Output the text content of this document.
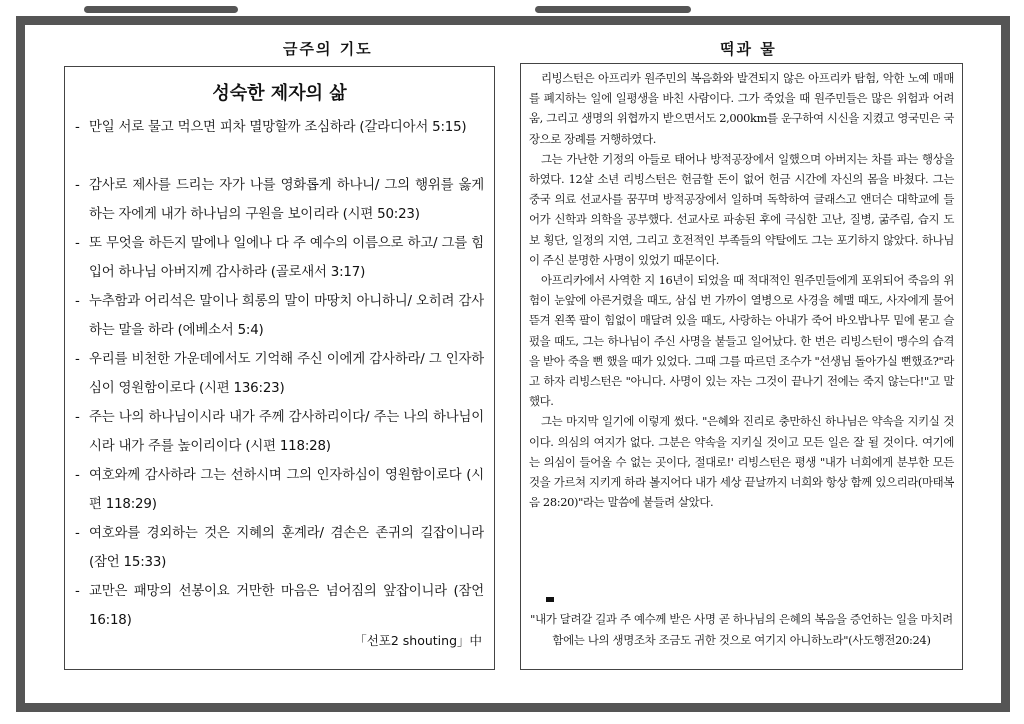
금주의 기도	떡과 물
성숙한 제자의 삶
- 만일 서로 물고 먹으면 피차 멸망할까 조심하라 (갈라디아서 5:15)
- 감사로 제사를 드리는 자가 나를 영화롭게 하나니/ 그의 행위를 옳게 하는 자에게 내가 하나님의 구원을 보이리라 (시편 50:23)
- 또 무엇을 하든지 말에나 일에나 다 주 예수의 이름으로 하고/ 그를 힘입어 하나님 아버지께 감사하라 (골로새서 3:17)
- 누추함과 어리석은 말이나 희롱의 말이 마땅치 아니하니/ 오히려 감사하는 말을 하라 (에베소서 5:4)
- 우리를 비천한 가운데에서도 기억해 주신 이에게 감사하라/ 그 인자하심이 영원함이로다 (시편 136:23)
- 주는 나의 하나님이시라 내가 주께 감사하리이다/ 주는 나의 하나님이시라 내가 주를 높이리이다 (시편 118:28)
- 여호와께 감사하라 그는 선하시며 그의 인자하심이 영원함이로다 (시편 118:29)
- 여호와를 경외하는 것은 지혜의 훈계라/ 겸손은 존귀의 길잡이니라 (잠언 15:33)
- 교만은 패망의 선봉이요 거만한 마음은 넘어짐의 앞잡이니라 (잠언 16:18)
「선포2 shouting」中

리빙스턴은 아프리카 원주민의 복음화와 발견되지 않은 아프리카 탐험, 악한 노예 매매를 폐지하는 일에 일평생을 바친 사람이다. 그가 죽었을 때 원주민들은 많은 위험과 어려움, 그리고 생명의 위협까지 받으면서도 2,000km를 운구하여 시신을 지켰고 영국민은 국장으로 장례를 거행하였다.

그는 가난한 기정의 아들로 태어나 방적공장에서 일했으며 아버지는 차를 파는 행상을 하였다. 12살 소년 리빙스턴은 헌금할 돈이 없어 헌금 시간에 자신의 몸을 바쳤다. 그는 중국 의료 선교사를 꿈꾸며 방적공장에서 일하며 독학하여 글래스고 앤더슨 대학교에 들어가 신학과 의학을 공부했다. 선교사로 파송된 후에 극심한 고난, 질병, 굶주림, 습지 도보 횡단, 일정의 지연, 그리고 호전적인 부족들의 약탈에도 그는 포기하지 않았다. 하나님이 주신 분명한 사명이 있었기 때문이다.

아프리카에서 사역한 지 16년이 되었을 때 적대적인 원주민들에게 포위되어 죽음의 위험이 눈앞에 아른거렸을 때도, 삼십 번 가까이 열병으로 사경을 헤맬 때도, 사자에게 물어 뜯겨 왼쪽 팔이 힘없이 매달려 있을 때도, 사랑하는 아내가 죽어 바오밥나무 밑에 묻고 슬펐을 때도, 그는 하나님이 주신 사명을 붙들고 일어났다. 한 번은 리빙스턴이 맹수의 습격을 받아 죽을 뻔 했을 때가 있었다. 그때 그를 따르던 조수가 "선생님 돌아가실 뻔했죠?"라고 하자 리빙스턴은 "아니다. 사명이 있는 자는 그것이 끝나기 전에는 죽지 않는다!"고 말했다.

그는 마지막 일기에 이렇게 썼다. "은혜와 진리로 충만하신 하나님은 약속을 지키실 것이다. 의심의 여지가 없다. 그분은 약속을 지키실 것이고 모든 일은 잘 될 것이다. 여기에는 의심이 들어올 수 없는 곳이다, 절대로!' 리빙스턴은 평생 "내가 너희에게 분부한 모든 것을 가르쳐 지키게 하라 볼지어다 내가 세상 끝날까지 너희와 항상 함께 있으리라(마태복음 28:20)"라는 말씀에 붙들려 살았다.

"내가 달려갈 길과 주 예수께 받은 사명 곧 하나님의 은혜의 복음을 증언하는 일을 마치려 함에는 나의 생명조차 조금도 귀한 것으로 여기지 아니하노라"(사도행전20:24)
